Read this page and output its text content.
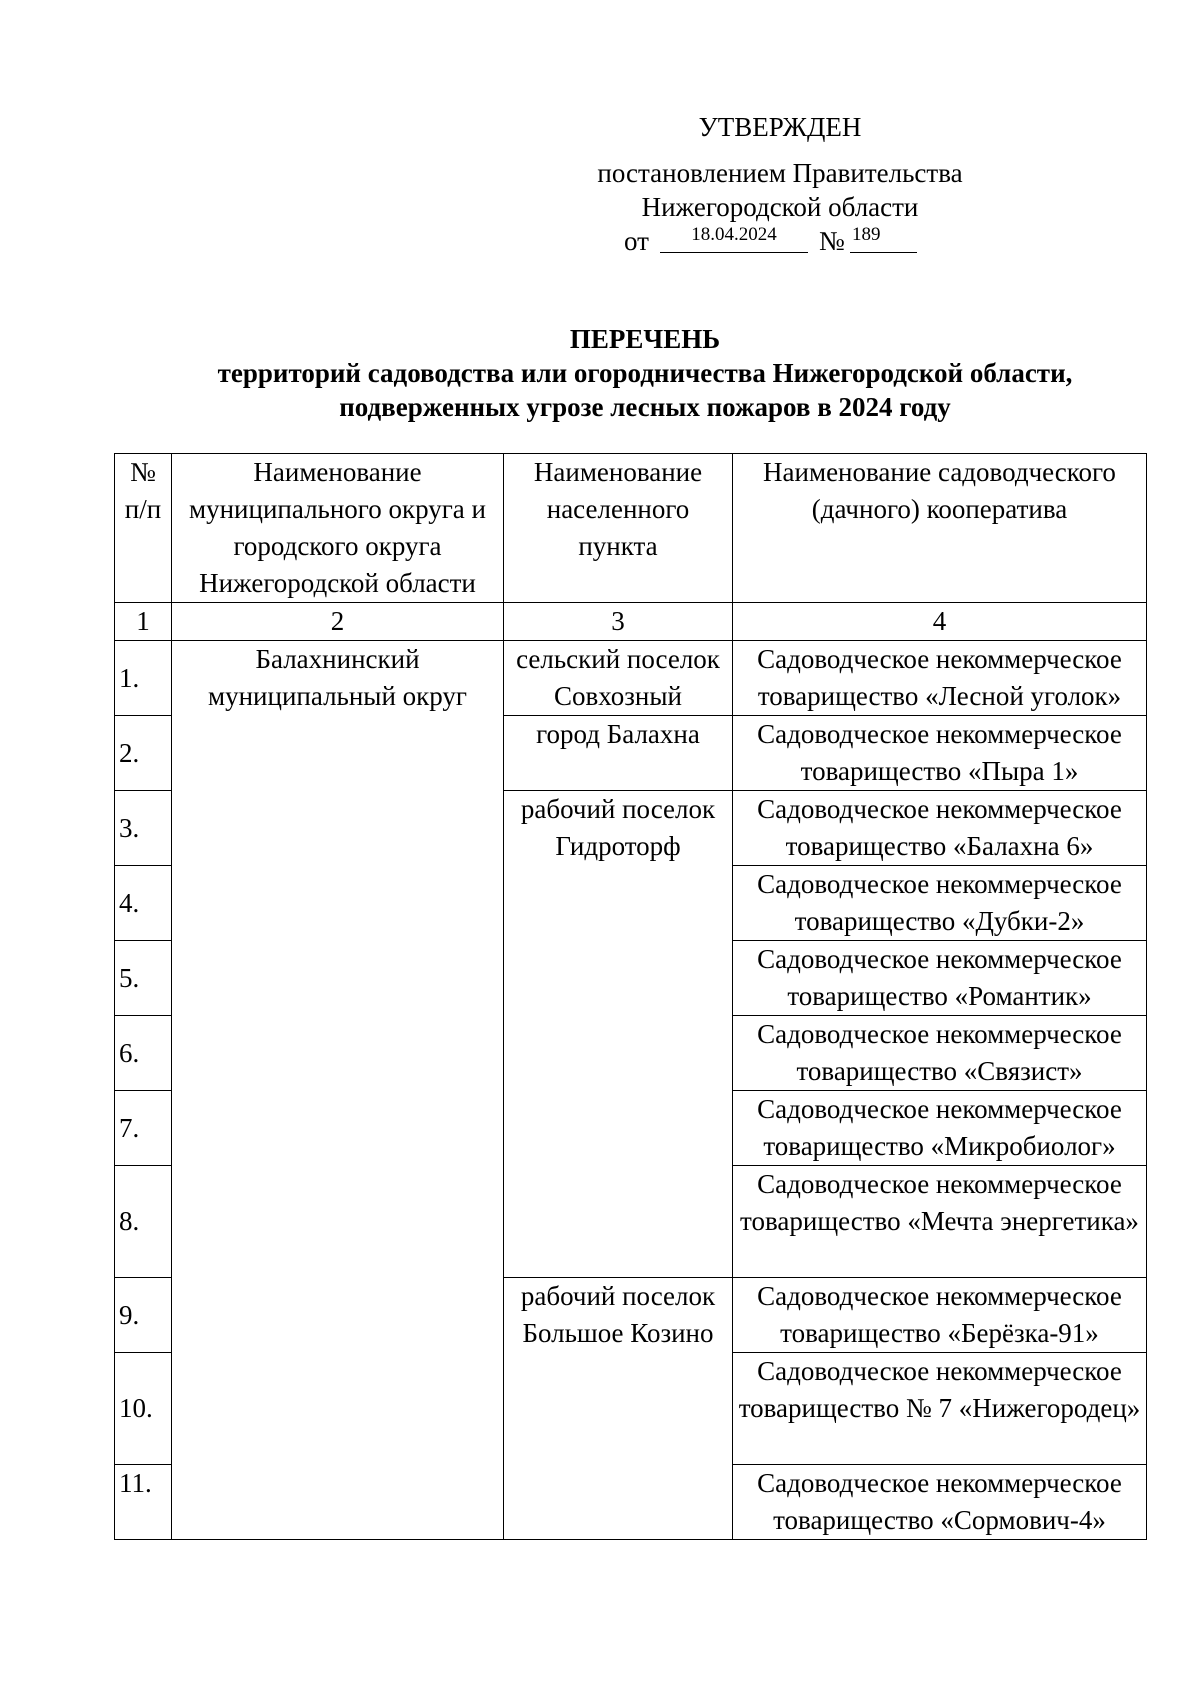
УТВЕРЖДЕН
постановлением Правительства
Нижегородской области
от	18.04.2024	№ 189
ПЕРЕЧЕНЬ
территорий садоводства или огородничества Нижегородской области,
подверженных угрозе лесных пожаров в 2024 году
№ п/п	Наименование муниципального округа и городского округа Нижегородской области	Наименование населенного пункта	Наименование садоводческого (дачного) кооператива
1	2	3	4
1.	Балахнинский муниципальный округ	сельский поселок Совхозный	Садоводческое некоммерческое товарищество «Лесной уголок»
2.		город Балахна	Садоводческое некоммерческое товарищество «Пыра 1»
3.		рабочий поселок Гидроторф	Садоводческое некоммерческое товарищество «Балахна 6»
4.			Садоводческое некоммерческое товарищество «Дубки-2»
5.			Садоводческое некоммерческое товарищество «Романтик»
6.			Садоводческое некоммерческое товарищество «Связист»
7.			Садоводческое некоммерческое товарищество «Микробиолог»
8.			Садоводческое некоммерческое товарищество «Мечта энергетика»
9.		рабочий поселок Большое Козино	Садоводческое некоммерческое товарищество «Берёзка-91»
10.			Садоводческое некоммерческое товарищество № 7 «Нижегородец»
11.			Садоводческое некоммерческое товарищество «Сормович-4»
